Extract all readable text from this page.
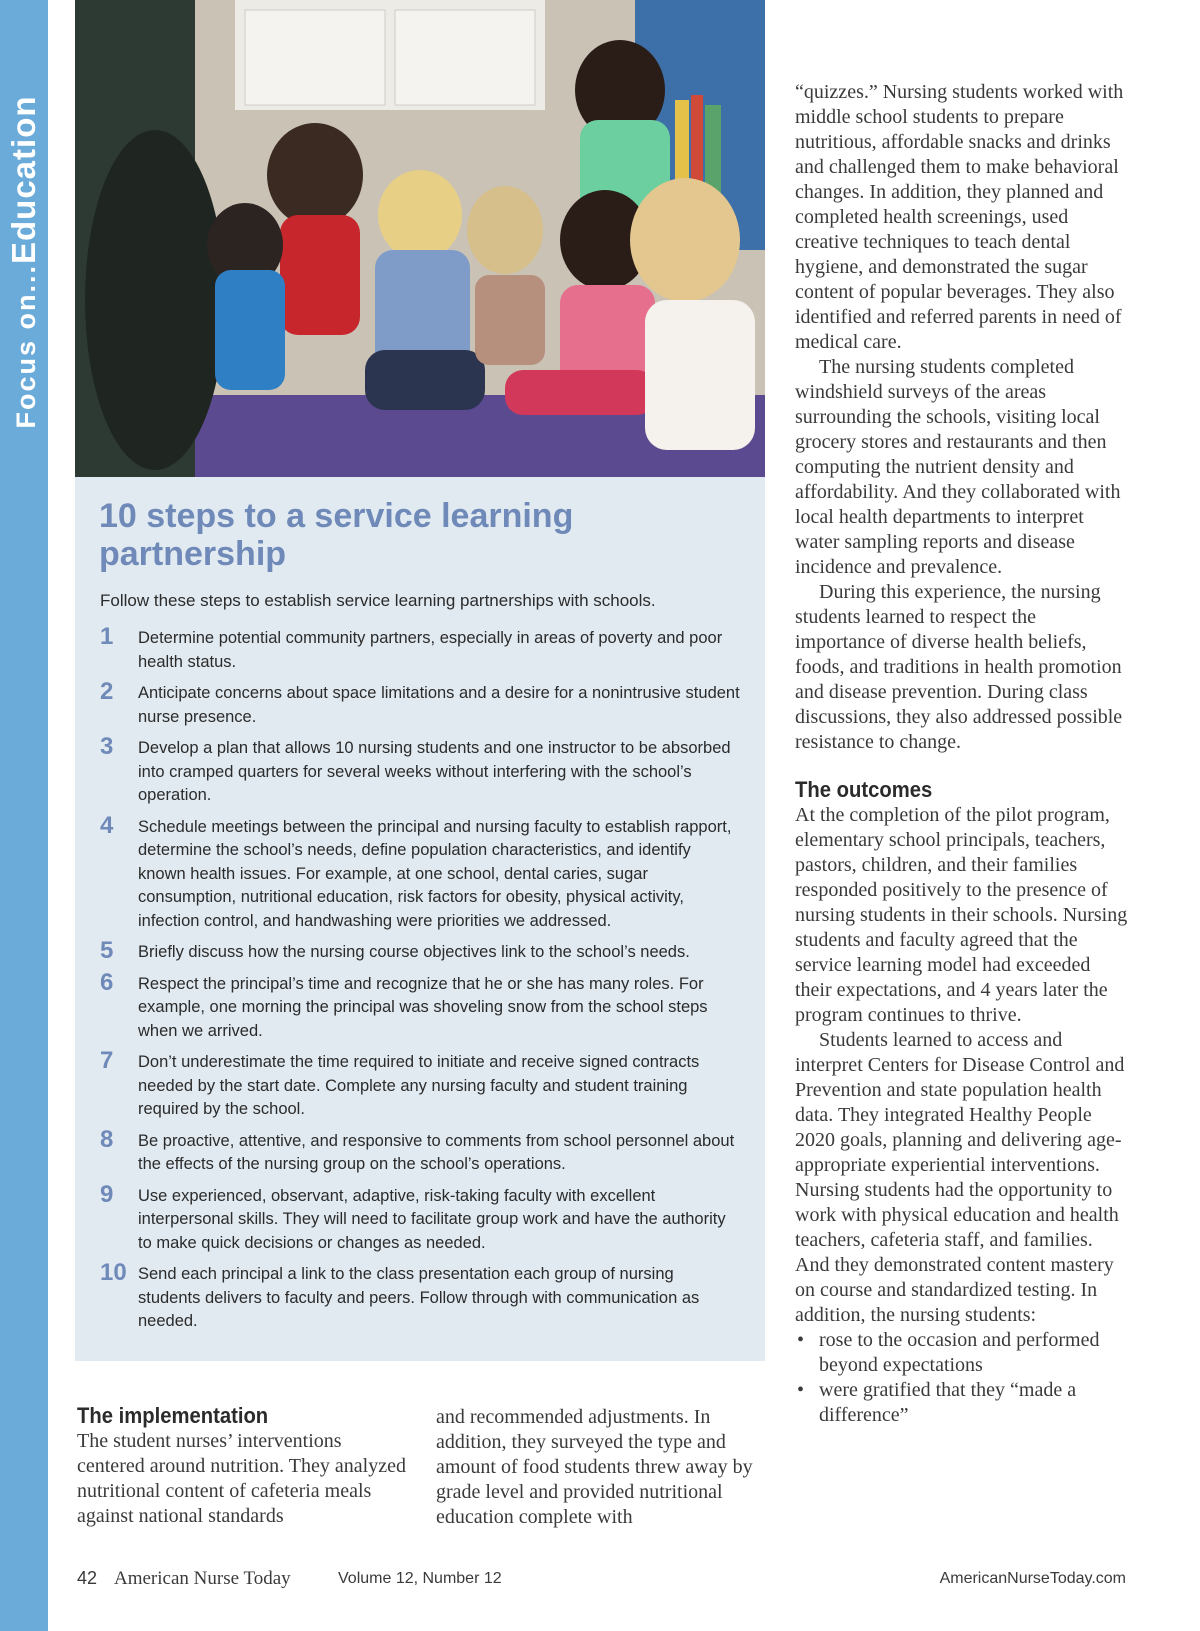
Focus on...Education
10 steps to a service learning partnership

Follow these steps to establish service learning partnerships with schools.

1 Determine potential community partners, especially in areas of poverty and poor health status.
2 Anticipate concerns about space limitations and a desire for a nonintrusive student nurse presence.
3 Develop a plan that allows 10 nursing students and one instructor to be absorbed into cramped quarters for several weeks without interfering with the school’s operation.
4 Schedule meetings between the principal and nursing faculty to establish rapport, determine the school’s needs, define population characteristics, and identify known health issues. For example, at one school, dental caries, sugar consumption, nutritional education, risk factors for obesity, physical activity, infection control, and handwashing were priorities we addressed.
5 Briefly discuss how the nursing course objectives link to the school’s needs.
6 Respect the principal’s time and recognize that he or she has many roles. For example, one morning the principal was shoveling snow from the school steps when we arrived.
7 Don’t underestimate the time required to initiate and receive signed contracts needed by the start date. Complete any nursing faculty and student training required by the school.
8 Be proactive, attentive, and responsive to comments from school personnel about the effects of the nursing group on the school’s operations.
9 Use experienced, observant, adaptive, risk-taking faculty with excellent interpersonal skills. They will need to facilitate group work and have the authority to make quick decisions or changes as needed.
10 Send each principal a link to the class presentation each group of nursing students delivers to faculty and peers. Follow through with communication as needed.
The implementation

The student nurses’ interventions centered around nutrition. They analyzed nutritional content of cafeteria meals against national standards

and recommended adjustments. In addition, they surveyed the type and amount of food students threw away by grade level and provided nutritional education complete with

“quizzes.” Nursing students worked with middle school students to prepare nutritious, affordable snacks and drinks and challenged them to make behavioral changes. In addition, they planned and completed health screenings, used creative techniques to teach dental hygiene, and demonstrated the sugar content of popular beverages. They also identified and referred parents in need of medical care.

The nursing students completed windshield surveys of the areas surrounding the schools, visiting local grocery stores and restaurants and then computing the nutrient density and affordability. And they collaborated with local health departments to interpret water sampling reports and disease incidence and prevalence.

During this experience, the nursing students learned to respect the importance of diverse health beliefs, foods, and traditions in health promotion and disease prevention. During class discussions, they also addressed possible resistance to change.

The outcomes

At the completion of the pilot program, elementary school principals, teachers, pastors, children, and their families responded positively to the presence of nursing students in their schools. Nursing students and faculty agreed that the service learning model had exceeded their expectations, and 4 years later the program continues to thrive.

Students learned to access and interpret Centers for Disease Control and Prevention and state population health data. They integrated Healthy People 2020 goals, planning and delivering age-appropriate experiential interventions. Nursing students had the opportunity to work with physical education and health teachers, cafeteria staff, and families. And they demonstrated content mastery on course and standardized testing. In addition, the nursing students:

• rose to the occasion and performed beyond expectations
• were gratified that they “made a difference”
42 American Nurse Today	Volume 12, Number 12	AmericanNurseToday.com
